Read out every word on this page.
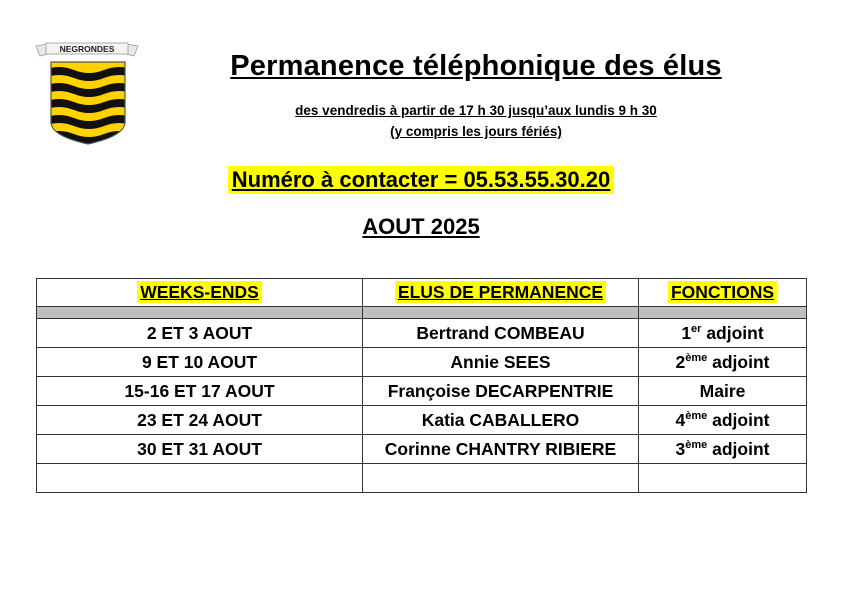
NEGRONDES
Permanence téléphonique des élus
des vendredis à partir de 17 h 30 jusqu’aux lundis 9 h 30
(y compris les jours fériés)
Numéro à contacter = 05.53.55.30.20
AOUT 2025
WEEKS-ENDS	ELUS DE PERMANENCE	FONCTIONS

2 ET 3 AOUT	Bertrand COMBEAU	1er adjoint
9 ET 10 AOUT	Annie SEES	2ème adjoint
15-16 ET 17 AOUT	Françoise DECARPENTRIE	Maire
23 ET 24 AOUT	Katia CABALLERO	4ème adjoint
30 ET 31 AOUT	Corinne CHANTRY RIBIERE	3ème adjoint
